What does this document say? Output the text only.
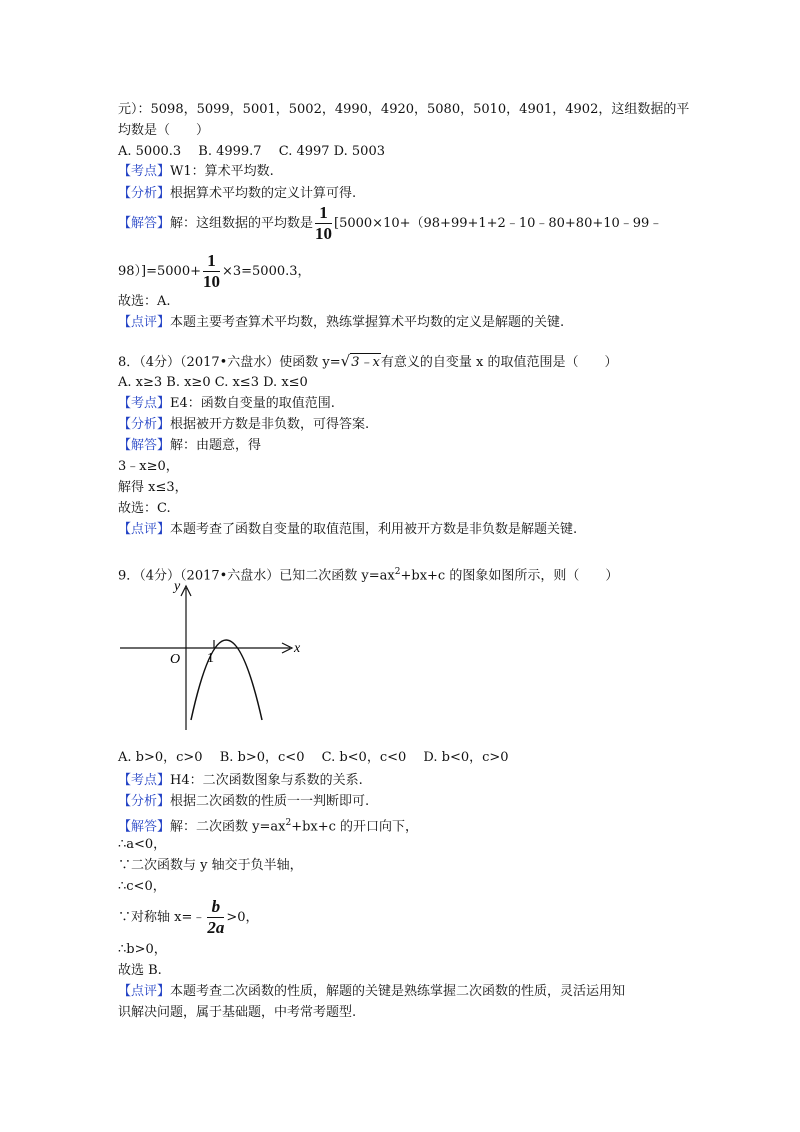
元）：5098，5099，5001，5002，4990，4920，5080，5010，4901，4902，这组数据的平
均数是（　　）
A. 5000.3　 B. 4999.7　 C. 4997 D. 5003
【考点】W1：算术平均数.
【分析】根据算术平均数的定义计算可得.
【解答】解：这组数据的平均数是 $\frac{1}{10}$ [5000×10+（98+99+1+2﹣10﹣80+80+10﹣99﹣
$98)]=5000+ \frac{1}{10} \times 3=5000.3$，
故选：A.
【点评】本题主要考查算术平均数，熟练掌握算术平均数的定义是解题的关键.
8．（4分）（2017•六盘水）使函数 y=√3﹣x有意义的自变量 x 的取值范围是（　　）
A. x≥3 B. x≥0 C. x≤3 D. x≤0
【考点】E4：函数自变量的取值范围.
【分析】根据被开方数是非负数，可得答案.
【解答】解：由题意，得
3﹣x≥0，
解得 x≤3，
故选：C.
【点评】本题考查了函数自变量的取值范围，利用被开方数是非负数是解题关键.
9．（4分）（2017•六盘水）已知二次函数 $y=ax^2+bx+c$ 的图象如图所示，则（　　）
y
x
O 1
A. b>0，c>0　 B. b>0，c<0　 C. b<0，c<0　 D. b<0，c>0
【考点】H4：二次函数图象与系数的关系.
【分析】根据二次函数的性质一一判断即可.
【解答】解：二次函数 $y=ax^2+bx+c$ 的开口向下，
∴a<0，
∵二次函数与 y 轴交于负半轴，
∴c<0，
∵对称轴 x=﹣ $\frac{b}{2a} >0$，
∴b>0，
故选 B.
【点评】本题考查二次函数的性质，解题的关键是熟练掌握二次函数的性质，灵活运用知
识解决问题，属于基础题，中考常考题型.
